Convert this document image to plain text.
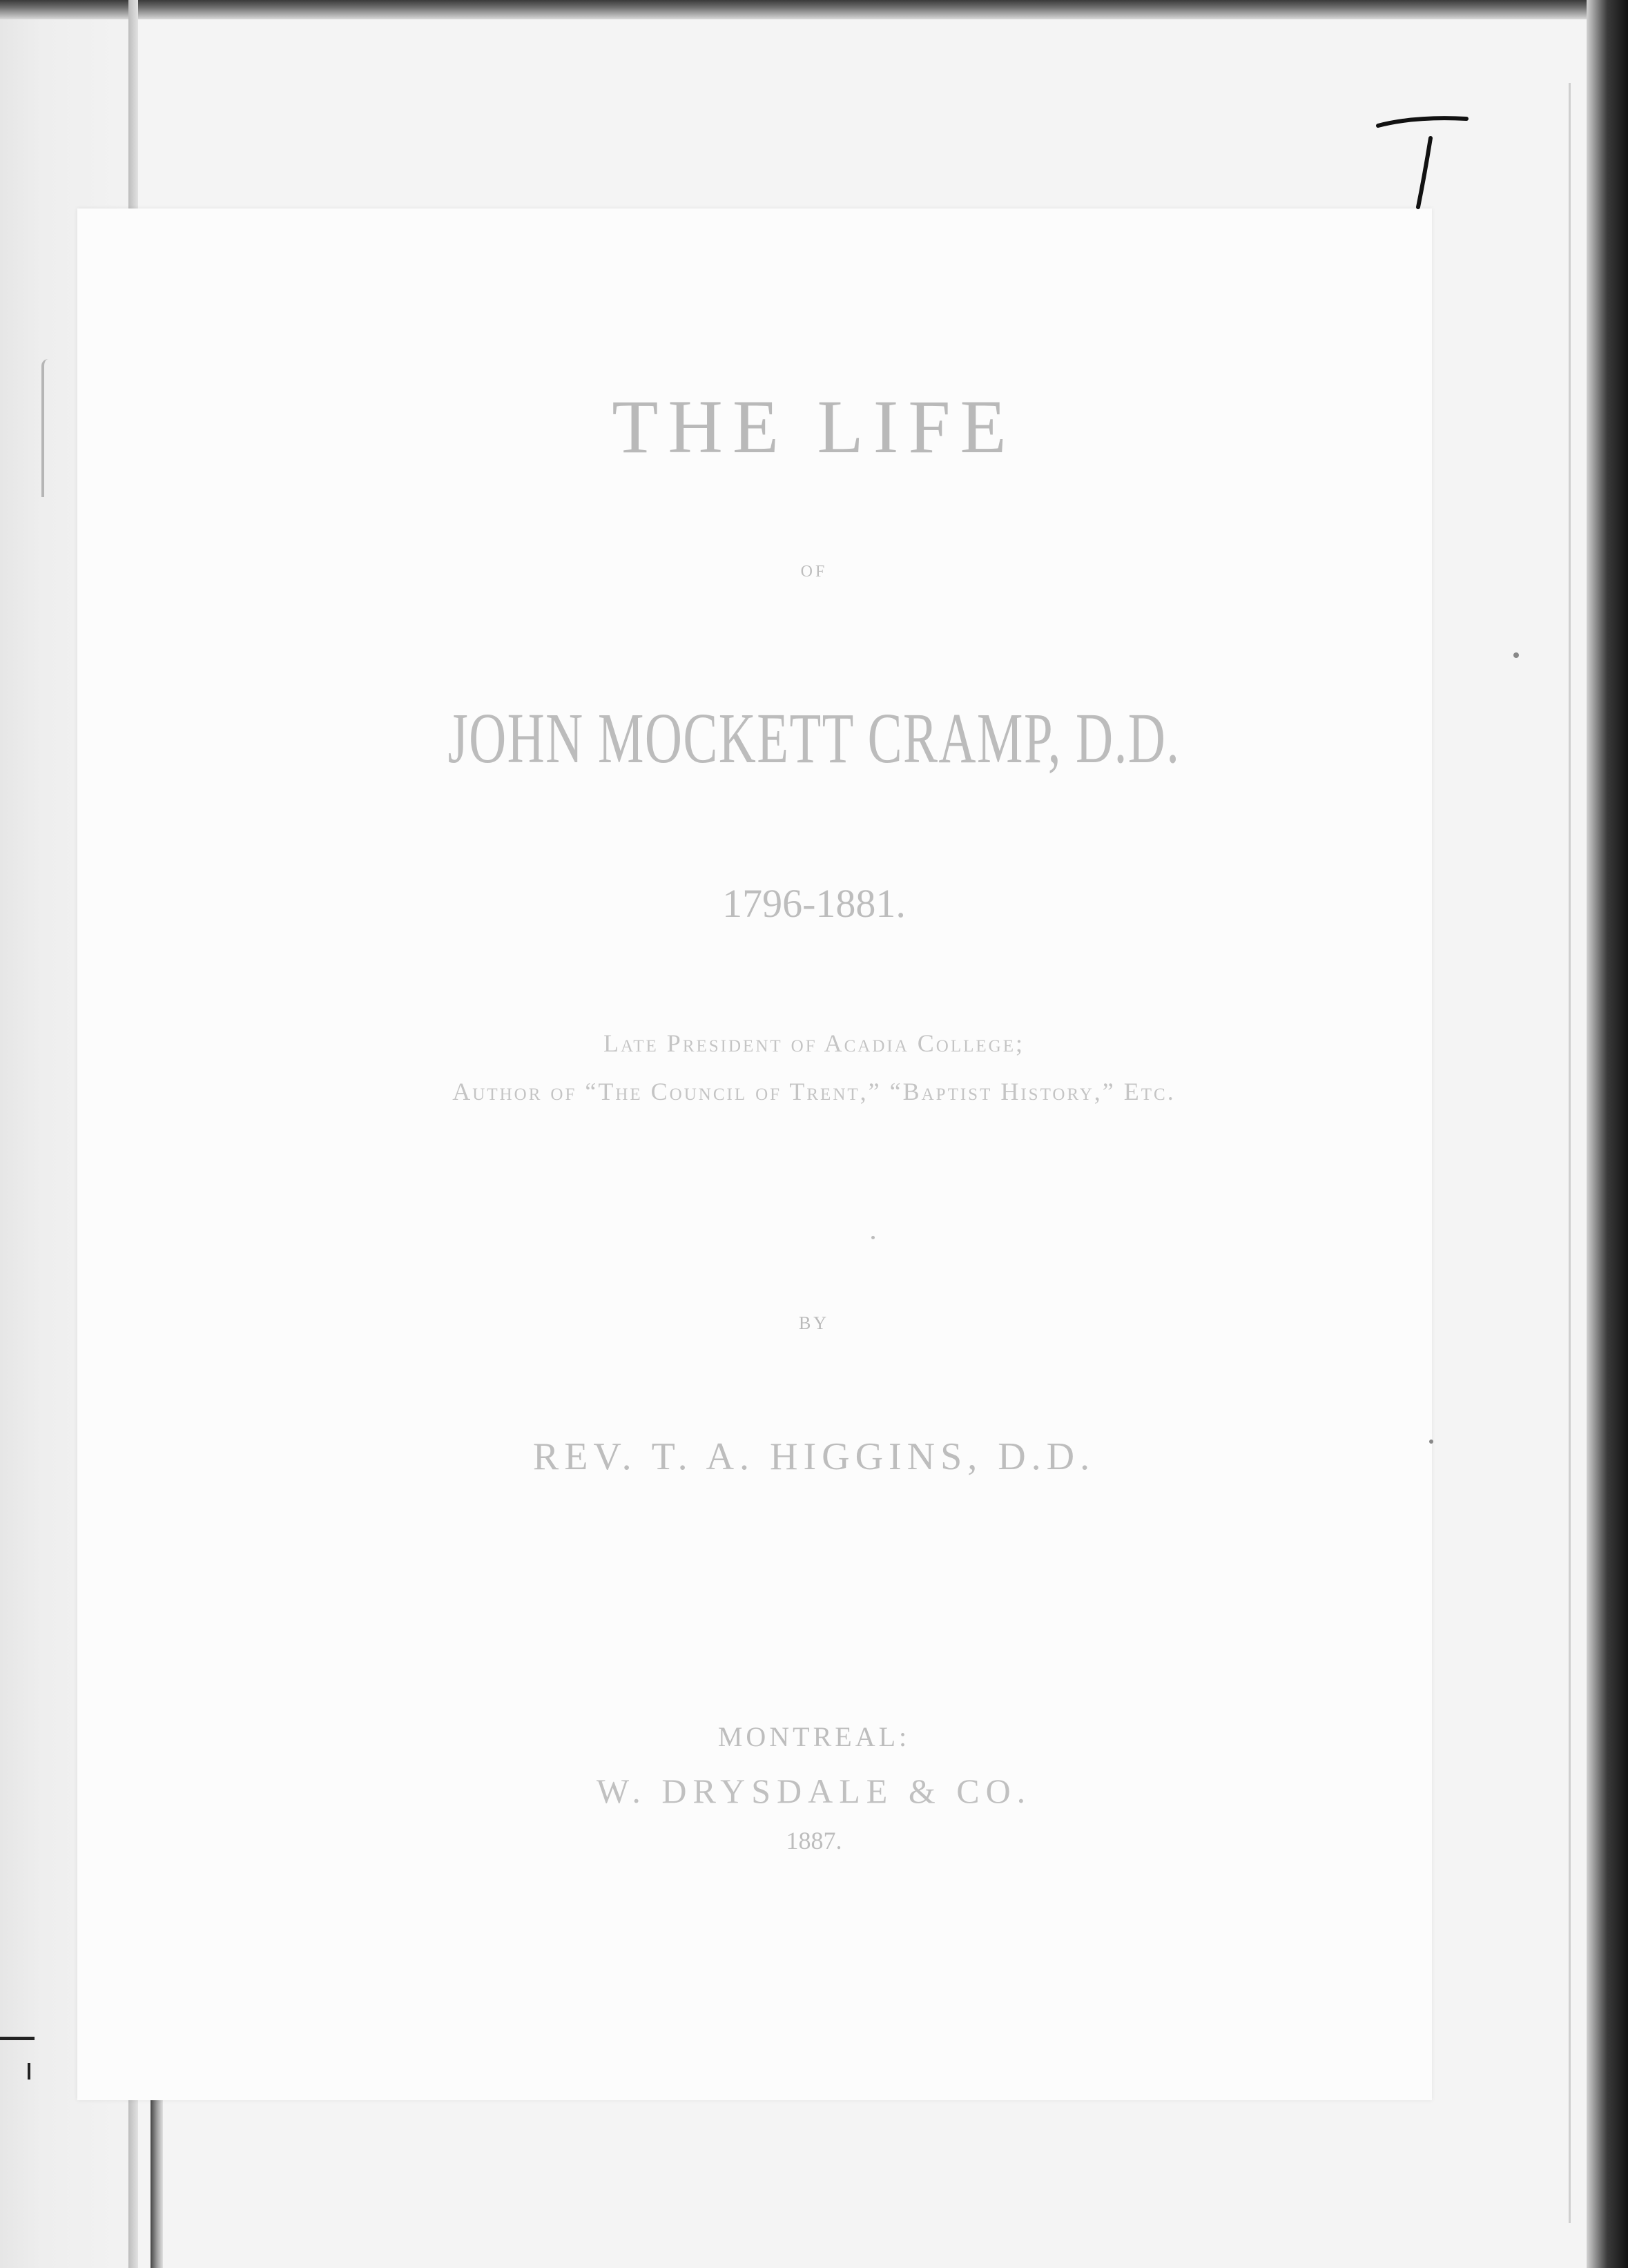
THE LIFE
OF
JOHN MOCKETT CRAMP, D.D.
1796-1881.
Late President of Acadia College;
Author of “The Council of Trent,” “Baptist History,” Etc.
BY
REV. T. A. HIGGINS, D.D.
MONTREAL:
W. DRYSDALE & CO.
1887.
